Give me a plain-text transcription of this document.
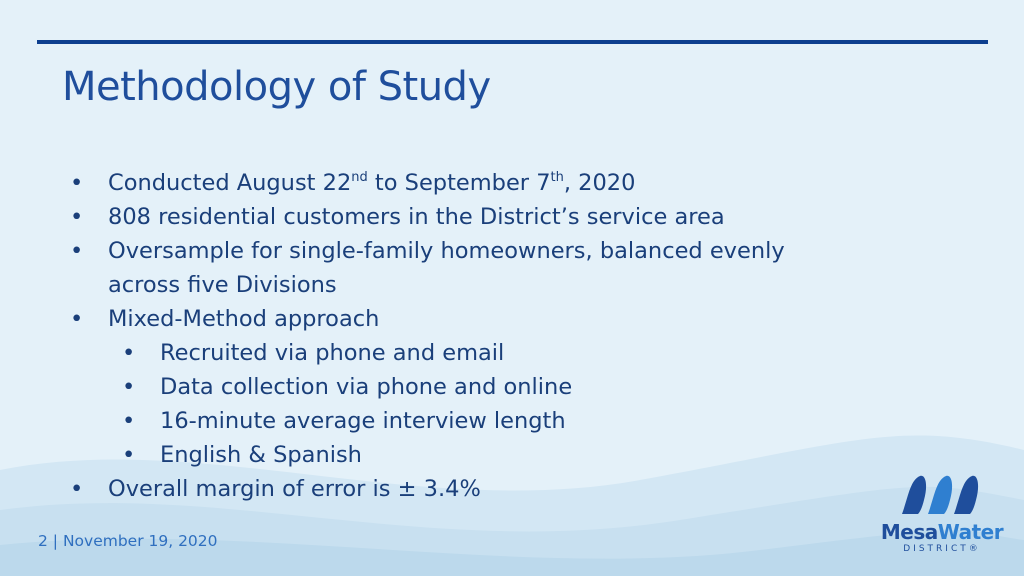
Methodology of Study
•	Conducted August 22nd to September 7th, 2020
•	808 residential customers in the District’s service area
•	Oversample for single-family homeowners, balanced evenly across five Divisions
•	Mixed-Method approach
•	Recruited via phone and email
•	Data collection via phone and online
•	16-minute average interview length
•	English & Spanish
•	Overall margin of error is ± 3.4%
2 | November 19, 2020	MesaWater
DISTRICT®
